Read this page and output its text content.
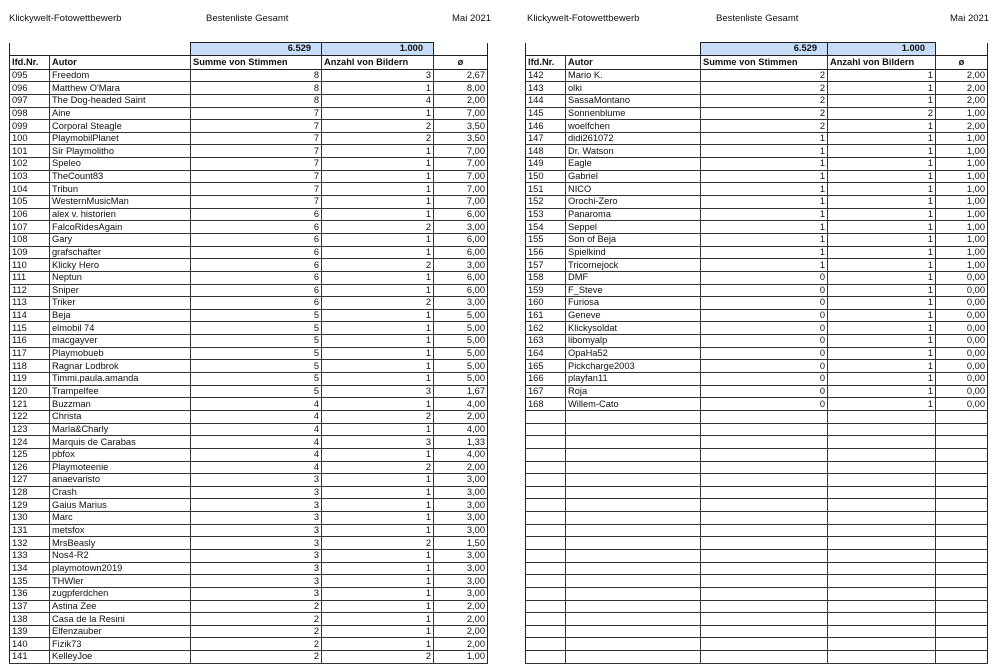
Klickywelt-Fotowettbewerb	Bestenliste Gesamt	Mai 2021	Klickywelt-Fotowettbewerb	Bestenliste Gesamt	Mai 2021
		6.529	1.000	
lfd.Nr.	Autor	Summe von Stimmen	Anzahl von Bildern	ø
095	Freedom	8	3	2,67
096	Matthew O'Mara	8	1	8,00
097	The Dog-headed Saint	8	4	2,00
098	Aine	7	1	7,00
099	Corporal Steagle	7	2	3,50
100	PlaymobilPlanet	7	2	3,50
101	Sir Playmolitho	7	1	7,00
102	Speleo	7	1	7,00
103	TheCount83	7	1	7,00
104	Tribun	7	1	7,00
105	WesternMusicMan	7	1	7,00
106	alex v. historien	6	1	6,00
107	FalcoRidesAgain	6	2	3,00
108	Gary	6	1	6,00
109	grafschafter	6	1	6,00
110	Klicky Hero	6	2	3,00
111	Neptun	6	1	6,00
112	Sniper	6	1	6,00
113	Triker	6	2	3,00
114	Beja	5	1	5,00
115	elmobil 74	5	1	5,00
116	macgayver	5	1	5,00
117	Playmobueb	5	1	5,00
118	Ragnar Lodbrok	5	1	5,00
119	Timmi.paula.amanda	5	1	5,00
120	Trampelfee	5	3	1,67
121	Buzzman	4	1	4,00
122	Christa	4	2	2,00
123	Marla&Charly	4	1	4,00
124	Marquis de Carabas	4	3	1,33
125	pbfox	4	1	4,00
126	Playmoteenie	4	2	2,00
127	anaevaristo	3	1	3,00
128	Crash	3	1	3,00
129	Gaius Marius	3	1	3,00
130	Marc	3	1	3,00
131	metsfox	3	1	3,00
132	MrsBeasly	3	2	1,50
133	Nos4-R2	3	1	3,00
134	playmotown2019	3	1	3,00
135	THWler	3	1	3,00
136	zugpferdchen	3	1	3,00
137	Astina Zee	2	1	2,00
138	Casa de la Resini	2	1	2,00
139	Elfenzauber	2	1	2,00
140	Fizik73	2	1	2,00
141	KelleyJoe	2	2	1,00
		6.529	1.000	
lfd.Nr.	Autor	Summe von Stimmen	Anzahl von Bildern	ø
142	Mario K.	2	1	2,00
143	olki	2	1	2,00
144	SassaMontano	2	1	2,00
145	Sonnenblume	2	2	1,00
146	woelfchen	2	1	2,00
147	didi261072	1	1	1,00
148	Dr. Watson	1	1	1,00
149	Eagle	1	1	1,00
150	Gabriel	1	1	1,00
151	NICO	1	1	1,00
152	Orochi-Zero	1	1	1,00
153	Panaroma	1	1	1,00
154	Seppel	1	1	1,00
155	Son of Beja	1	1	1,00
156	Spielkind	1	1	1,00
157	Tricornejock	1	1	1,00
158	DMF	0	1	0,00
159	F_Steve	0	1	0,00
160	Furiosa	0	1	0,00
161	Geneve	0	1	0,00
162	Klickysoldat	0	1	0,00
163	libomyalp	0	1	0,00
164	OpaHa52	0	1	0,00
165	Pickcharge2003	0	1	0,00
166	playfan11	0	1	0,00
167	Roja	0	1	0,00
168	Willem-Cato	0	1	0,00
